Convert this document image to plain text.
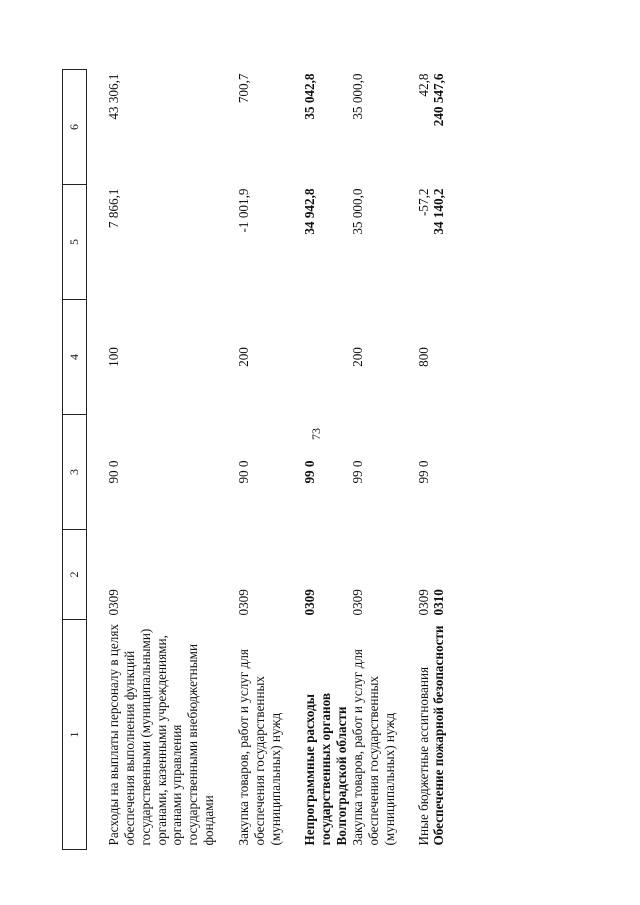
73
1	2	3	4	5	6
Расходы на выплаты персоналу в целях обеспечения выполнения функций государственными (муниципальными) органами, казенными учреждениями, органами управления государственными внебюджетными фондами	0309	90 0	100	7 866,1	43 306,1
Закупка товаров, работ и услуг для обеспечения государственных (муниципальных) нужд	0309	90 0	200	-1 001,9	700,7
Непрограммные расходы государственных органов Волгоградской области	0309	99 0		34 942,8	35 042,8
Закупка товаров, работ и услуг для обеспечения государственных (муниципальных) нужд	0309	99 0	200	35 000,0	35 000,0
Иные бюджетные ассигнования	0309	99 0	800	-57,2	42,8
Обеспечение пожарной безопасности	0310			34 140,2	240 547,6
